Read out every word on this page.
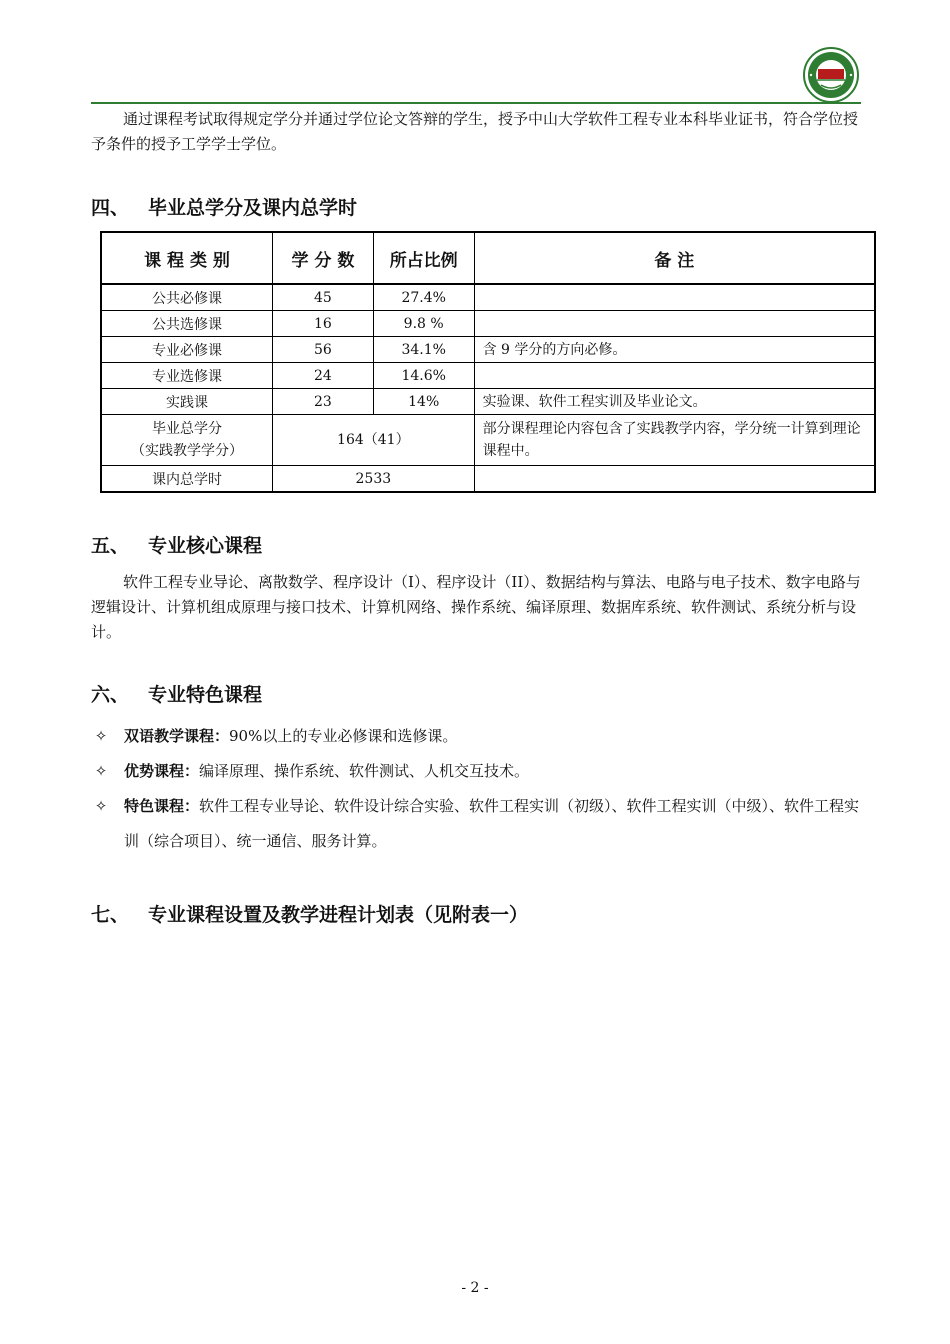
通过课程考试取得规定学分并通过学位论文答辩的学生，授予中山大学软件工程专业本科毕业证书，符合学位授予条件的授予工学学士学位。

四、 毕业总学分及课内总学时
课 程 类 别	学 分 数	所占比例	备 注
公共必修课	45	27.4%	
公共选修课	16	9.8 %	
专业必修课	56	34.1%	含 9 学分的方向必修。
专业选修课	24	14.6%	
实践课	23	14%	实验课、软件工程实训及毕业论文。

毕业总学分
（实践教学学分）	164（41）		部分课程理论内容包含了实践教学内容，学分统一计算到理论课程中。
课内总学时	2533		
五、 专业核心课程

软件工程专业导论、离散数学、程序设计（I）、程序设计（II）、数据结构与算法、电路与电子技术、数字电路与逻辑设计、计算机组成原理与接口技术、计算机网络、操作系统、编译原理、数据库系统、软件测试、系统分析与设计。

六、 专业特色课程
✧ 双语教学课程：90%以上的专业必修课和选修课。
✧ 优势课程：编译原理、操作系统、软件测试、人机交互技术。
✧ 特色课程：软件工程专业导论、软件设计综合实验、软件工程实训（初级）、软件工程实训（中级）、软件工程实训（综合项目）、统一通信、服务计算。
七、 专业课程设置及教学进程计划表（见附表一）
- 2 -
